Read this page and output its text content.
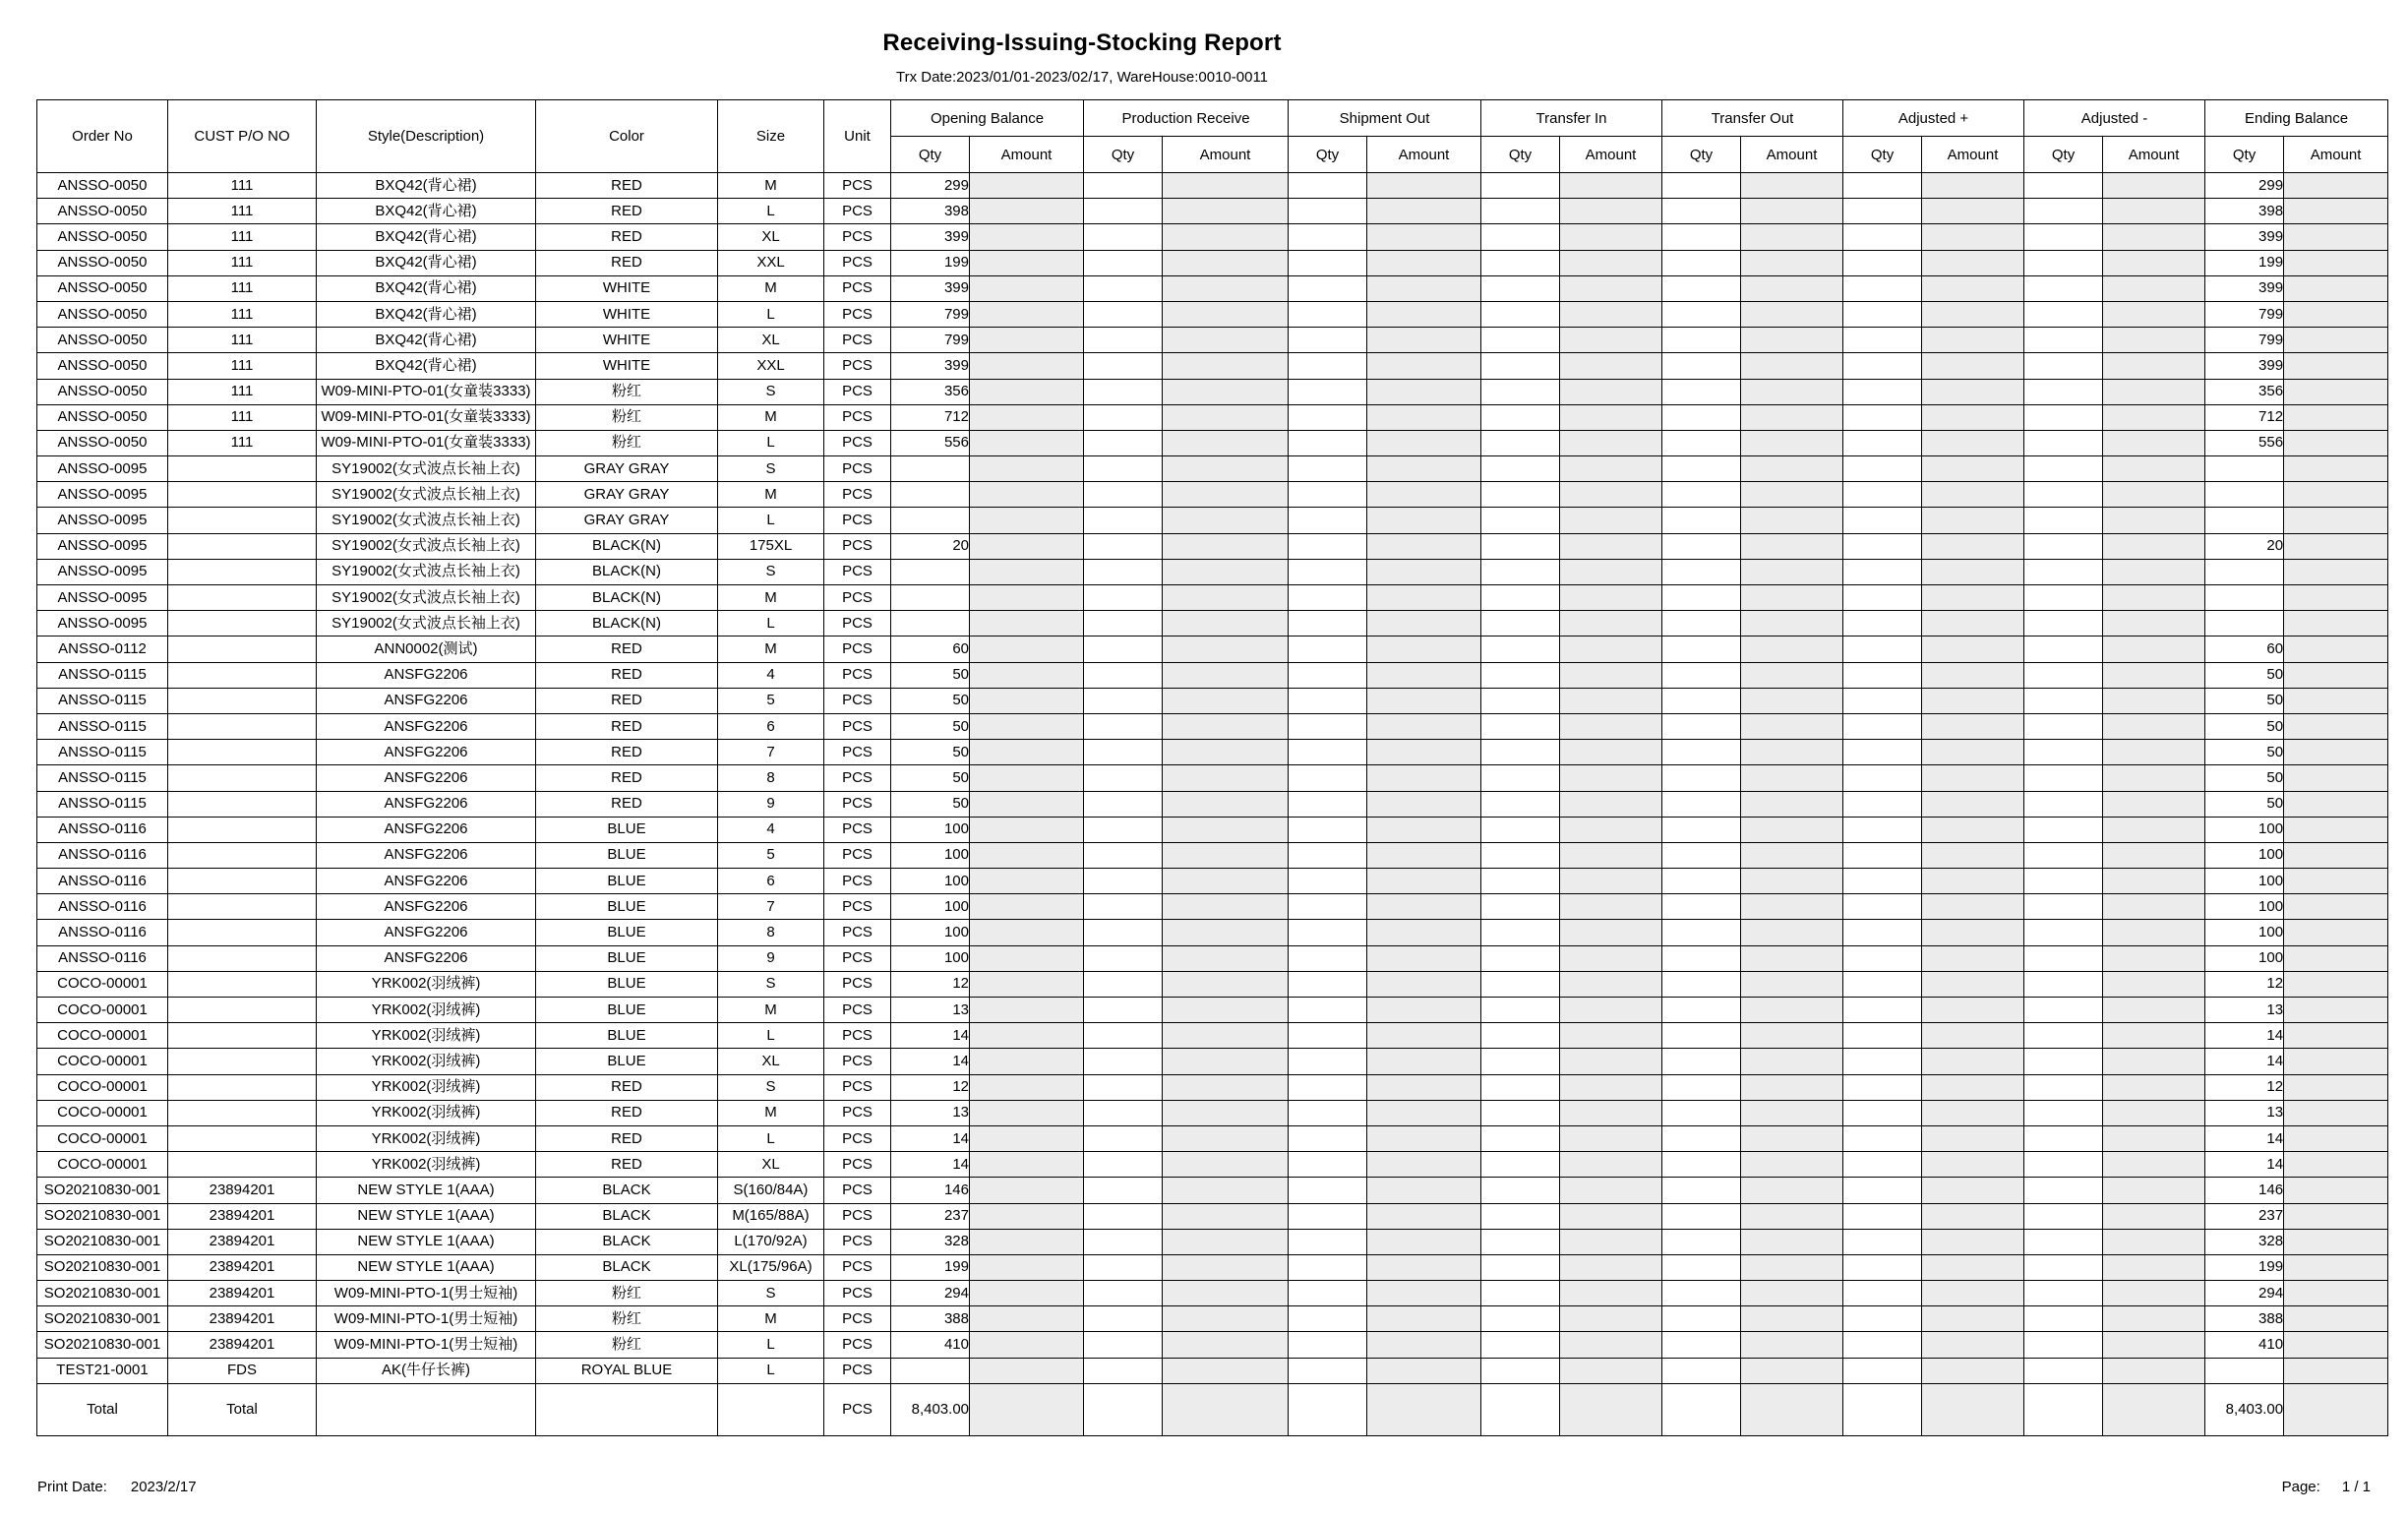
Receiving-Issuing-Stocking Report
Trx Date:2023/01/01-2023/02/17, WareHouse:0010-0011
Order No	CUST P/O NO	Style(Description)	Color	Size	Unit	Opening Balance		Production Receive		Shipment Out		Transfer In		Transfer Out		Adjusted +		Adjusted -		Ending Balance	
						Qty	Amount	Qty	Amount	Qty	Amount	Qty	Amount	Qty	Amount	Qty	Amount	Qty	Amount	Qty	Amount
ANSSO-0050	111	BXQ42(背心裙)	RED	M	PCS	299														299	
ANSSO-0050	111	BXQ42(背心裙)	RED	L	PCS	398														398	
ANSSO-0050	111	BXQ42(背心裙)	RED	XL	PCS	399														399	
ANSSO-0050	111	BXQ42(背心裙)	RED	XXL	PCS	199														199	
ANSSO-0050	111	BXQ42(背心裙)	WHITE	M	PCS	399														399	
ANSSO-0050	111	BXQ42(背心裙)	WHITE	L	PCS	799														799	
ANSSO-0050	111	BXQ42(背心裙)	WHITE	XL	PCS	799														799	
ANSSO-0050	111	BXQ42(背心裙)	WHITE	XXL	PCS	399														399	
ANSSO-0050	111	W09-MINI-PTO-01(女童装3333)	粉红	S	PCS	356														356	
ANSSO-0050	111	W09-MINI-PTO-01(女童装3333)	粉红	M	PCS	712														712	
ANSSO-0050	111	W09-MINI-PTO-01(女童装3333)	粉红	L	PCS	556														556	
ANSSO-0095		SY19002(女式波点长袖上衣)	GRAY GRAY	S	PCS																
ANSSO-0095		SY19002(女式波点长袖上衣)	GRAY GRAY	M	PCS																
ANSSO-0095		SY19002(女式波点长袖上衣)	GRAY GRAY	L	PCS																
ANSSO-0095		SY19002(女式波点长袖上衣)	BLACK(N)	175XL	PCS	20														20	
ANSSO-0095		SY19002(女式波点长袖上衣)	BLACK(N)	S	PCS																
ANSSO-0095		SY19002(女式波点长袖上衣)	BLACK(N)	M	PCS																
ANSSO-0095		SY19002(女式波点长袖上衣)	BLACK(N)	L	PCS																
ANSSO-0112		ANN0002(测试)	RED	M	PCS	60														60	
ANSSO-0115		ANSFG2206	RED	4	PCS	50														50	
ANSSO-0115		ANSFG2206	RED	5	PCS	50														50	
ANSSO-0115		ANSFG2206	RED	6	PCS	50														50	
ANSSO-0115		ANSFG2206	RED	7	PCS	50														50	
ANSSO-0115		ANSFG2206	RED	8	PCS	50														50	
ANSSO-0115		ANSFG2206	RED	9	PCS	50														50	
ANSSO-0116		ANSFG2206	BLUE	4	PCS	100														100	
ANSSO-0116		ANSFG2206	BLUE	5	PCS	100														100	
ANSSO-0116		ANSFG2206	BLUE	6	PCS	100														100	
ANSSO-0116		ANSFG2206	BLUE	7	PCS	100														100	
ANSSO-0116		ANSFG2206	BLUE	8	PCS	100														100	
ANSSO-0116		ANSFG2206	BLUE	9	PCS	100														100	
COCO-00001		YRK002(羽绒裤)	BLUE	S	PCS	12														12	
COCO-00001		YRK002(羽绒裤)	BLUE	M	PCS	13														13	
COCO-00001		YRK002(羽绒裤)	BLUE	L	PCS	14														14	
COCO-00001		YRK002(羽绒裤)	BLUE	XL	PCS	14														14	
COCO-00001		YRK002(羽绒裤)	RED	S	PCS	12														12	
COCO-00001		YRK002(羽绒裤)	RED	M	PCS	13														13	
COCO-00001		YRK002(羽绒裤)	RED	L	PCS	14														14	
COCO-00001		YRK002(羽绒裤)	RED	XL	PCS	14														14	
SO20210830-001	23894201	NEW STYLE 1(AAA)	BLACK	S(160/84A)	PCS	146														146	
SO20210830-001	23894201	NEW STYLE 1(AAA)	BLACK	M(165/88A)	PCS	237														237	
SO20210830-001	23894201	NEW STYLE 1(AAA)	BLACK	L(170/92A)	PCS	328														328	
SO20210830-001	23894201	NEW STYLE 1(AAA)	BLACK	XL(175/96A)	PCS	199														199	
SO20210830-001	23894201	W09-MINI-PTO-1(男士短袖)	粉红	S	PCS	294														294	
SO20210830-001	23894201	W09-MINI-PTO-1(男士短袖)	粉红	M	PCS	388														388	
SO20210830-001	23894201	W09-MINI-PTO-1(男士短袖)	粉红	L	PCS	410														410	
TEST21-0001	FDS	AK(牛仔长裤)	ROYAL BLUE	L	PCS																
Total	Total				PCS	8,403.00														8,403.00	
Print Date: 2023/2/17	Page: 1 / 1
